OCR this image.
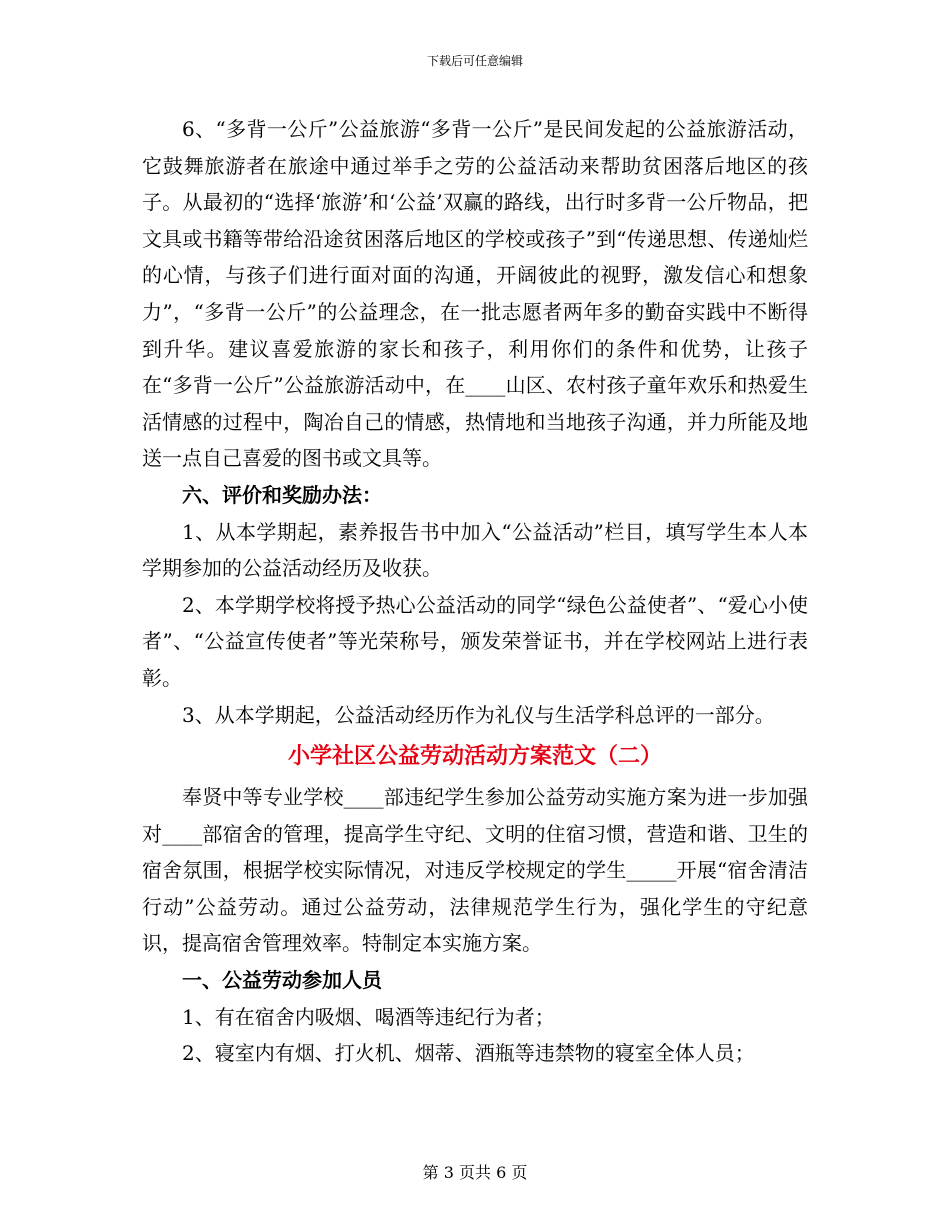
下载后可任意编辑

6、“多背一公斤”公益旅游“多背一公斤”是民间发起的公益旅游活动，它鼓舞旅游者在旅途中通过举手之劳的公益活动来帮助贫困落后地区的孩子。从最初的“选择‘旅游’和‘公益’双赢的路线，出行时多背一公斤物品，把文具或书籍等带给沿途贫困落后地区的学校或孩子”到“传递思想、传递灿烂的心情，与孩子们进行面对面的沟通，开阔彼此的视野，激发信心和想象力”，“多背一公斤”的公益理念，在一批志愿者两年多的勤奋实践中不断得到升华。建议喜爱旅游的家长和孩子，利用你们的条件和优势，让孩子在“多背一公斤”公益旅游活动中，在____山区、农村孩子童年欢乐和热爱生活情感的过程中，陶冶自己的情感，热情地和当地孩子沟通，并力所能及地送一点自己喜爱的图书或文具等。

六、评价和奖励办法：

1、从本学期起，素养报告书中加入“公益活动”栏目，填写学生本人本学期参加的公益活动经历及收获。

2、本学期学校将授予热心公益活动的同学“绿色公益使者”、“爱心小使者”、“公益宣传使者”等光荣称号，颁发荣誉证书，并在学校网站上进行表彰。

3、从本学期起，公益活动经历作为礼仪与生活学科总评的一部分。

小学社区公益劳动活动方案范文（二）

奉贤中等专业学校____部违纪学生参加公益劳动实施方案为进一步加强对____部宿舍的管理，提高学生守纪、文明的住宿习惯，营造和谐、卫生的宿舍氛围，根据学校实际情况，对违反学校规定的学生_____开展“宿舍清洁行动”公益劳动。通过公益劳动，法律规范学生行为，强化学生的守纪意识，提高宿舍管理效率。特制定本实施方案。

一、公益劳动参加人员

1、有在宿舍内吸烟、喝酒等违纪行为者；

2、寝室内有烟、打火机、烟蒂、酒瓶等违禁物的寝室全体人员；

第 3 页共 6 页
